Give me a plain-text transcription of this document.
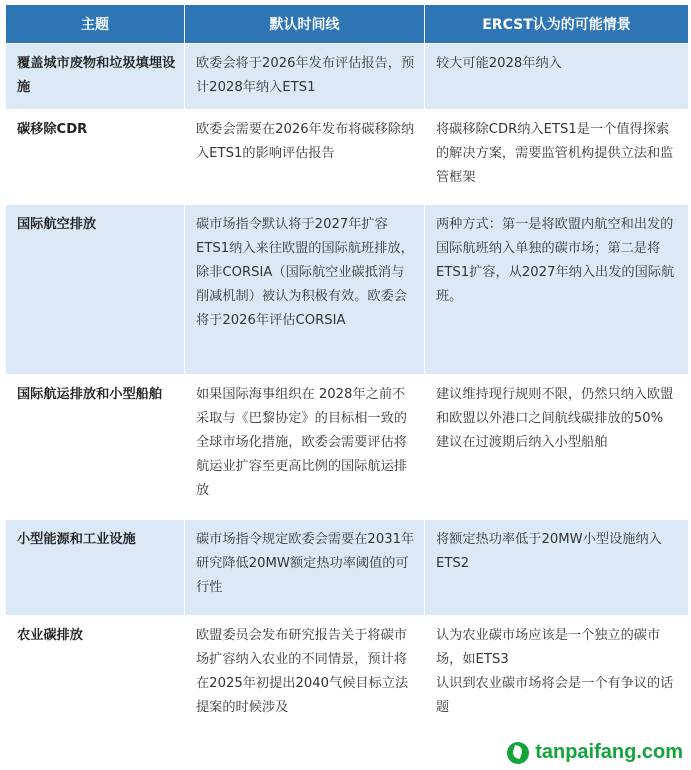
主题	默认时间线	ERCST认为的可能情景
覆盖城市废物和垃圾填埋设施	欧委会将于2026年发布评估报告，预计2028年纳入ETS1	较大可能2028年纳入

碳移除CDR	欧委会需要在2026年发布将碳移除纳入ETS1的影响评估报告	将碳移除CDR纳入ETS1是一个值得探索的解决方案，需要监管机构提供立法和监管框架

国际航空排放	碳市场指令默认将于2027年扩容ETS1纳入来往欧盟的国际航班排放，除非CORSIA（国际航空业碳抵消与削减机制）被认为积极有效。欧委会将于2026年评估CORSIA	两种方式：第一是将欧盟内航空和出发的国际航班纳入单独的碳市场；第二是将ETS1扩容，从2027年纳入出发的国际航班。

国际航运排放和小型船舶	如果国际海事组织在 2028年之前不采取与《巴黎协定》的目标相一致的全球市场化措施，欧委会需要评估将航运业扩容至更高比例的国际航运排放	建议维持现行规则不限，仍然只纳入欧盟和欧盟以外港口之间航线碳排放的50%

建议在过渡期后纳入小型船舶

小型能源和工业设施	碳市场指令规定欧委会需要在2031年研究降低20MW额定热功率阈值的可行性	将额定热功率低于20MW小型设施纳入ETS2

农业碳排放	欧盟委员会发布研究报告关于将碳市场扩容纳入农业的不同情景，预计将在2025年初提出2040气候目标立法提案的时候涉及	认为农业碳市场应该是一个独立的碳市场，如ETS3

认识到农业碳市场将会是一个有争议的话题

tanpaifang.com
